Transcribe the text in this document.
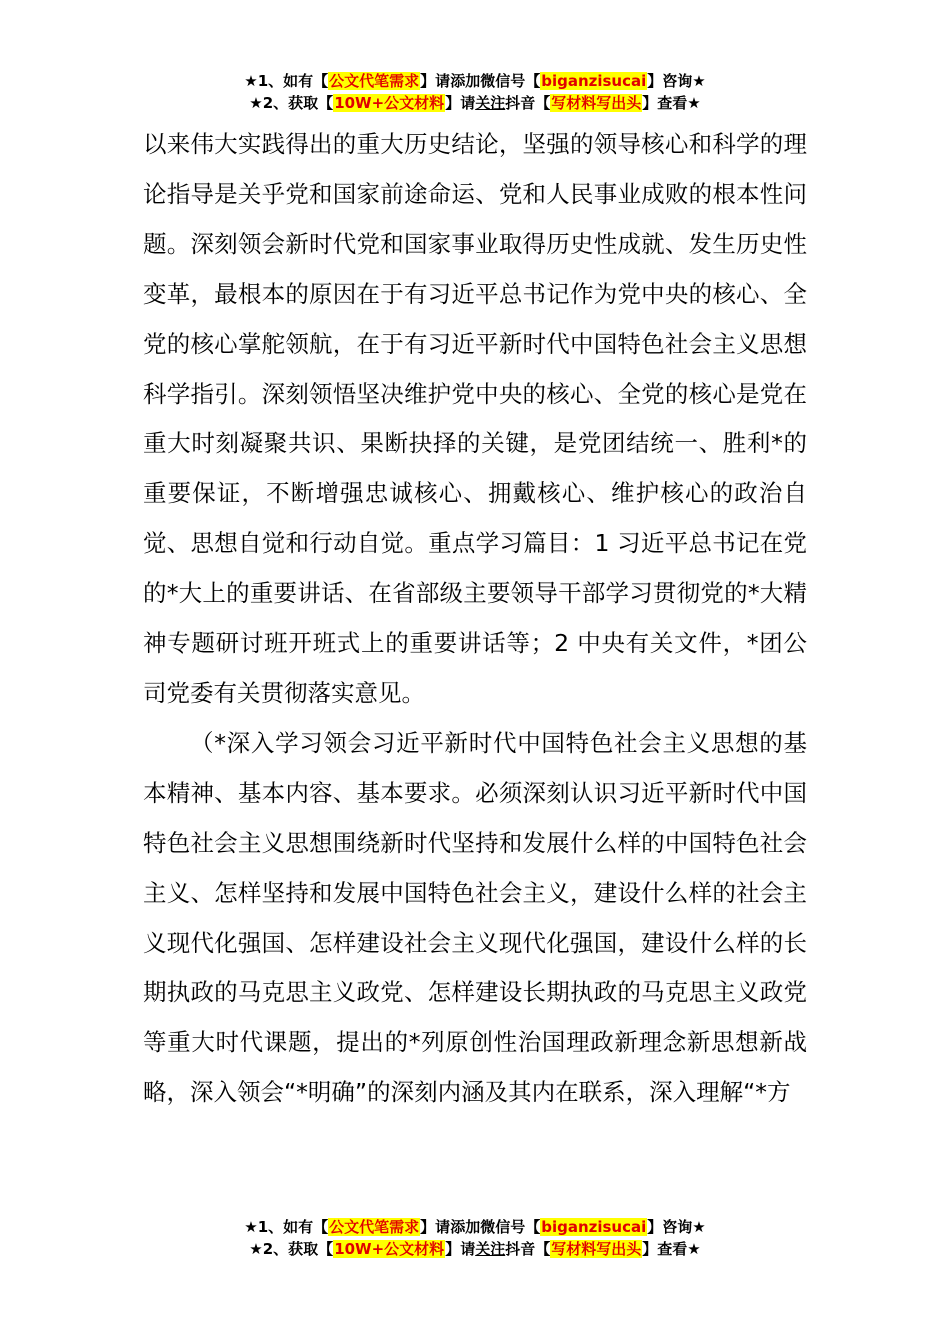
★1、如有【公文代笔需求】请添加微信号【biganzisucai】咨询★
★2、获取【10W+公文材料】请关注抖音【写材料写出头】查看★

以来伟大实践得出的重大历史结论，坚强的领导核心和科学的理论指导是关乎党和国家前途命运、党和人民事业成败的根本性问题。深刻领会新时代党和国家事业取得历史性成就、发生历史性变革，最根本的原因在于有习近平总书记作为党中央的核心、全党的核心掌舵领航，在于有习近平新时代中国特色社会主义思想科学指引。深刻领悟坚决维护党中央的核心、全党的核心是党在重大时刻凝聚共识、果断抉择的关键，是党团结统一、胜利*的重要保证，不断增强忠诚核心、拥戴核心、维护核心的政治自觉、思想自觉和行动自觉。重点学习篇目：1 习近平总书记在党的*大上的重要讲话、在省部级主要领导干部学习贯彻党的*大精神专题研讨班开班式上的重要讲话等；2 中央有关文件，*团公司党委有关贯彻落实意见。

（*深入学习领会习近平新时代中国特色社会主义思想的基本精神、基本内容、基本要求。必须深刻认识习近平新时代中国特色社会主义思想围绕新时代坚持和发展什么样的中国特色社会主义、怎样坚持和发展中国特色社会主义，建设什么样的社会主义现代化强国、怎样建设社会主义现代化强国，建设什么样的长期执政的马克思主义政党、怎样建设长期执政的马克思主义政党等重大时代课题，提出的*列原创性治国理政新理念新思想新战略，深入领会“*明确”的深刻内涵及其内在联系，深入理解“*方

★1、如有【公文代笔需求】请添加微信号【biganzisucai】咨询★
★2、获取【10W+公文材料】请关注抖音【写材料写出头】查看★
